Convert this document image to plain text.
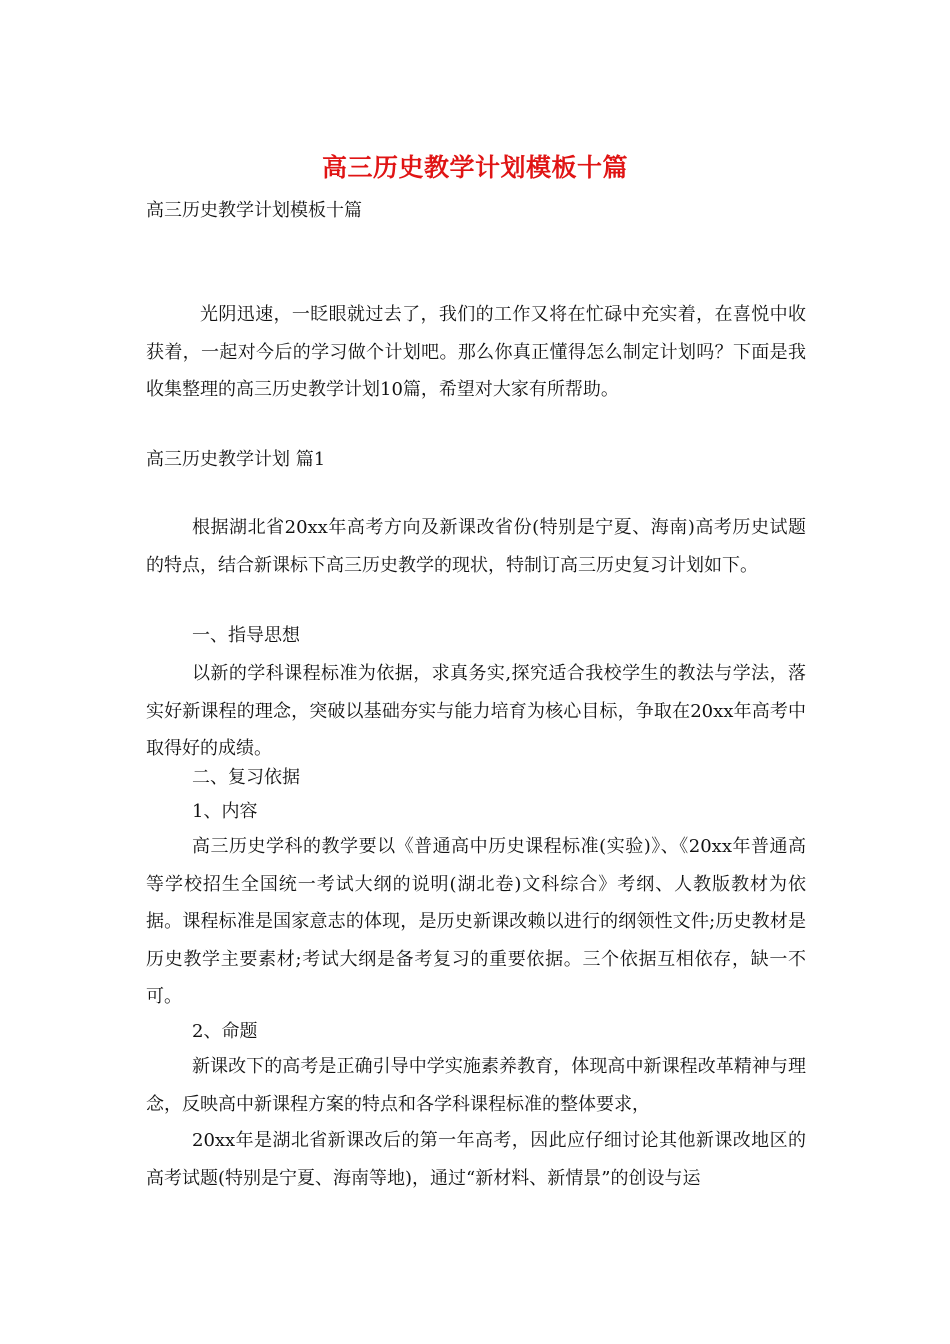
高三历史教学计划模板十篇
高三历史教学计划模板十篇
光阴迅速，一眨眼就过去了，我们的工作又将在忙碌中充实着，在喜悦中收获着，一起对今后的学习做个计划吧。那么你真正懂得怎么制定计划吗？下面是我收集整理的高三历史教学计划10篇，希望对大家有所帮助。
高三历史教学计划 篇1
根据湖北省20xx年高考方向及新课改省份(特别是宁夏、海南)高考历史试题的特点，结合新课标下高三历史教学的现状，特制订高三历史复习计划如下。
一、指导思想
以新的学科课程标准为依据，求真务实,探究适合我校学生的教法与学法，落实好新课程的理念，突破以基础夯实与能力培育为核心目标，争取在20xx年高考中取得好的成绩。
二、复习依据
1、内容
高三历史学科的教学要以《普通高中历史课程标准(实验)》、《20xx年普通高等学校招生全国统一考试大纲的说明(湖北卷)文科综合》考纲、人教版教材为依据。课程标准是国家意志的体现，是历史新课改赖以进行的纲领性文件;历史教材是历史教学主要素材;考试大纲是备考复习的重要依据。三个依据互相依存，缺一不可。
2、命题
新课改下的高考是正确引导中学实施素养教育，体现高中新课程改革精神与理念，反映高中新课程方案的特点和各学科课程标准的整体要求，
20xx年是湖北省新课改后的第一年高考，因此应仔细讨论其他新课改地区的高考试题(特别是宁夏、海南等地)，通过“新材料、新情景”的创设与运
